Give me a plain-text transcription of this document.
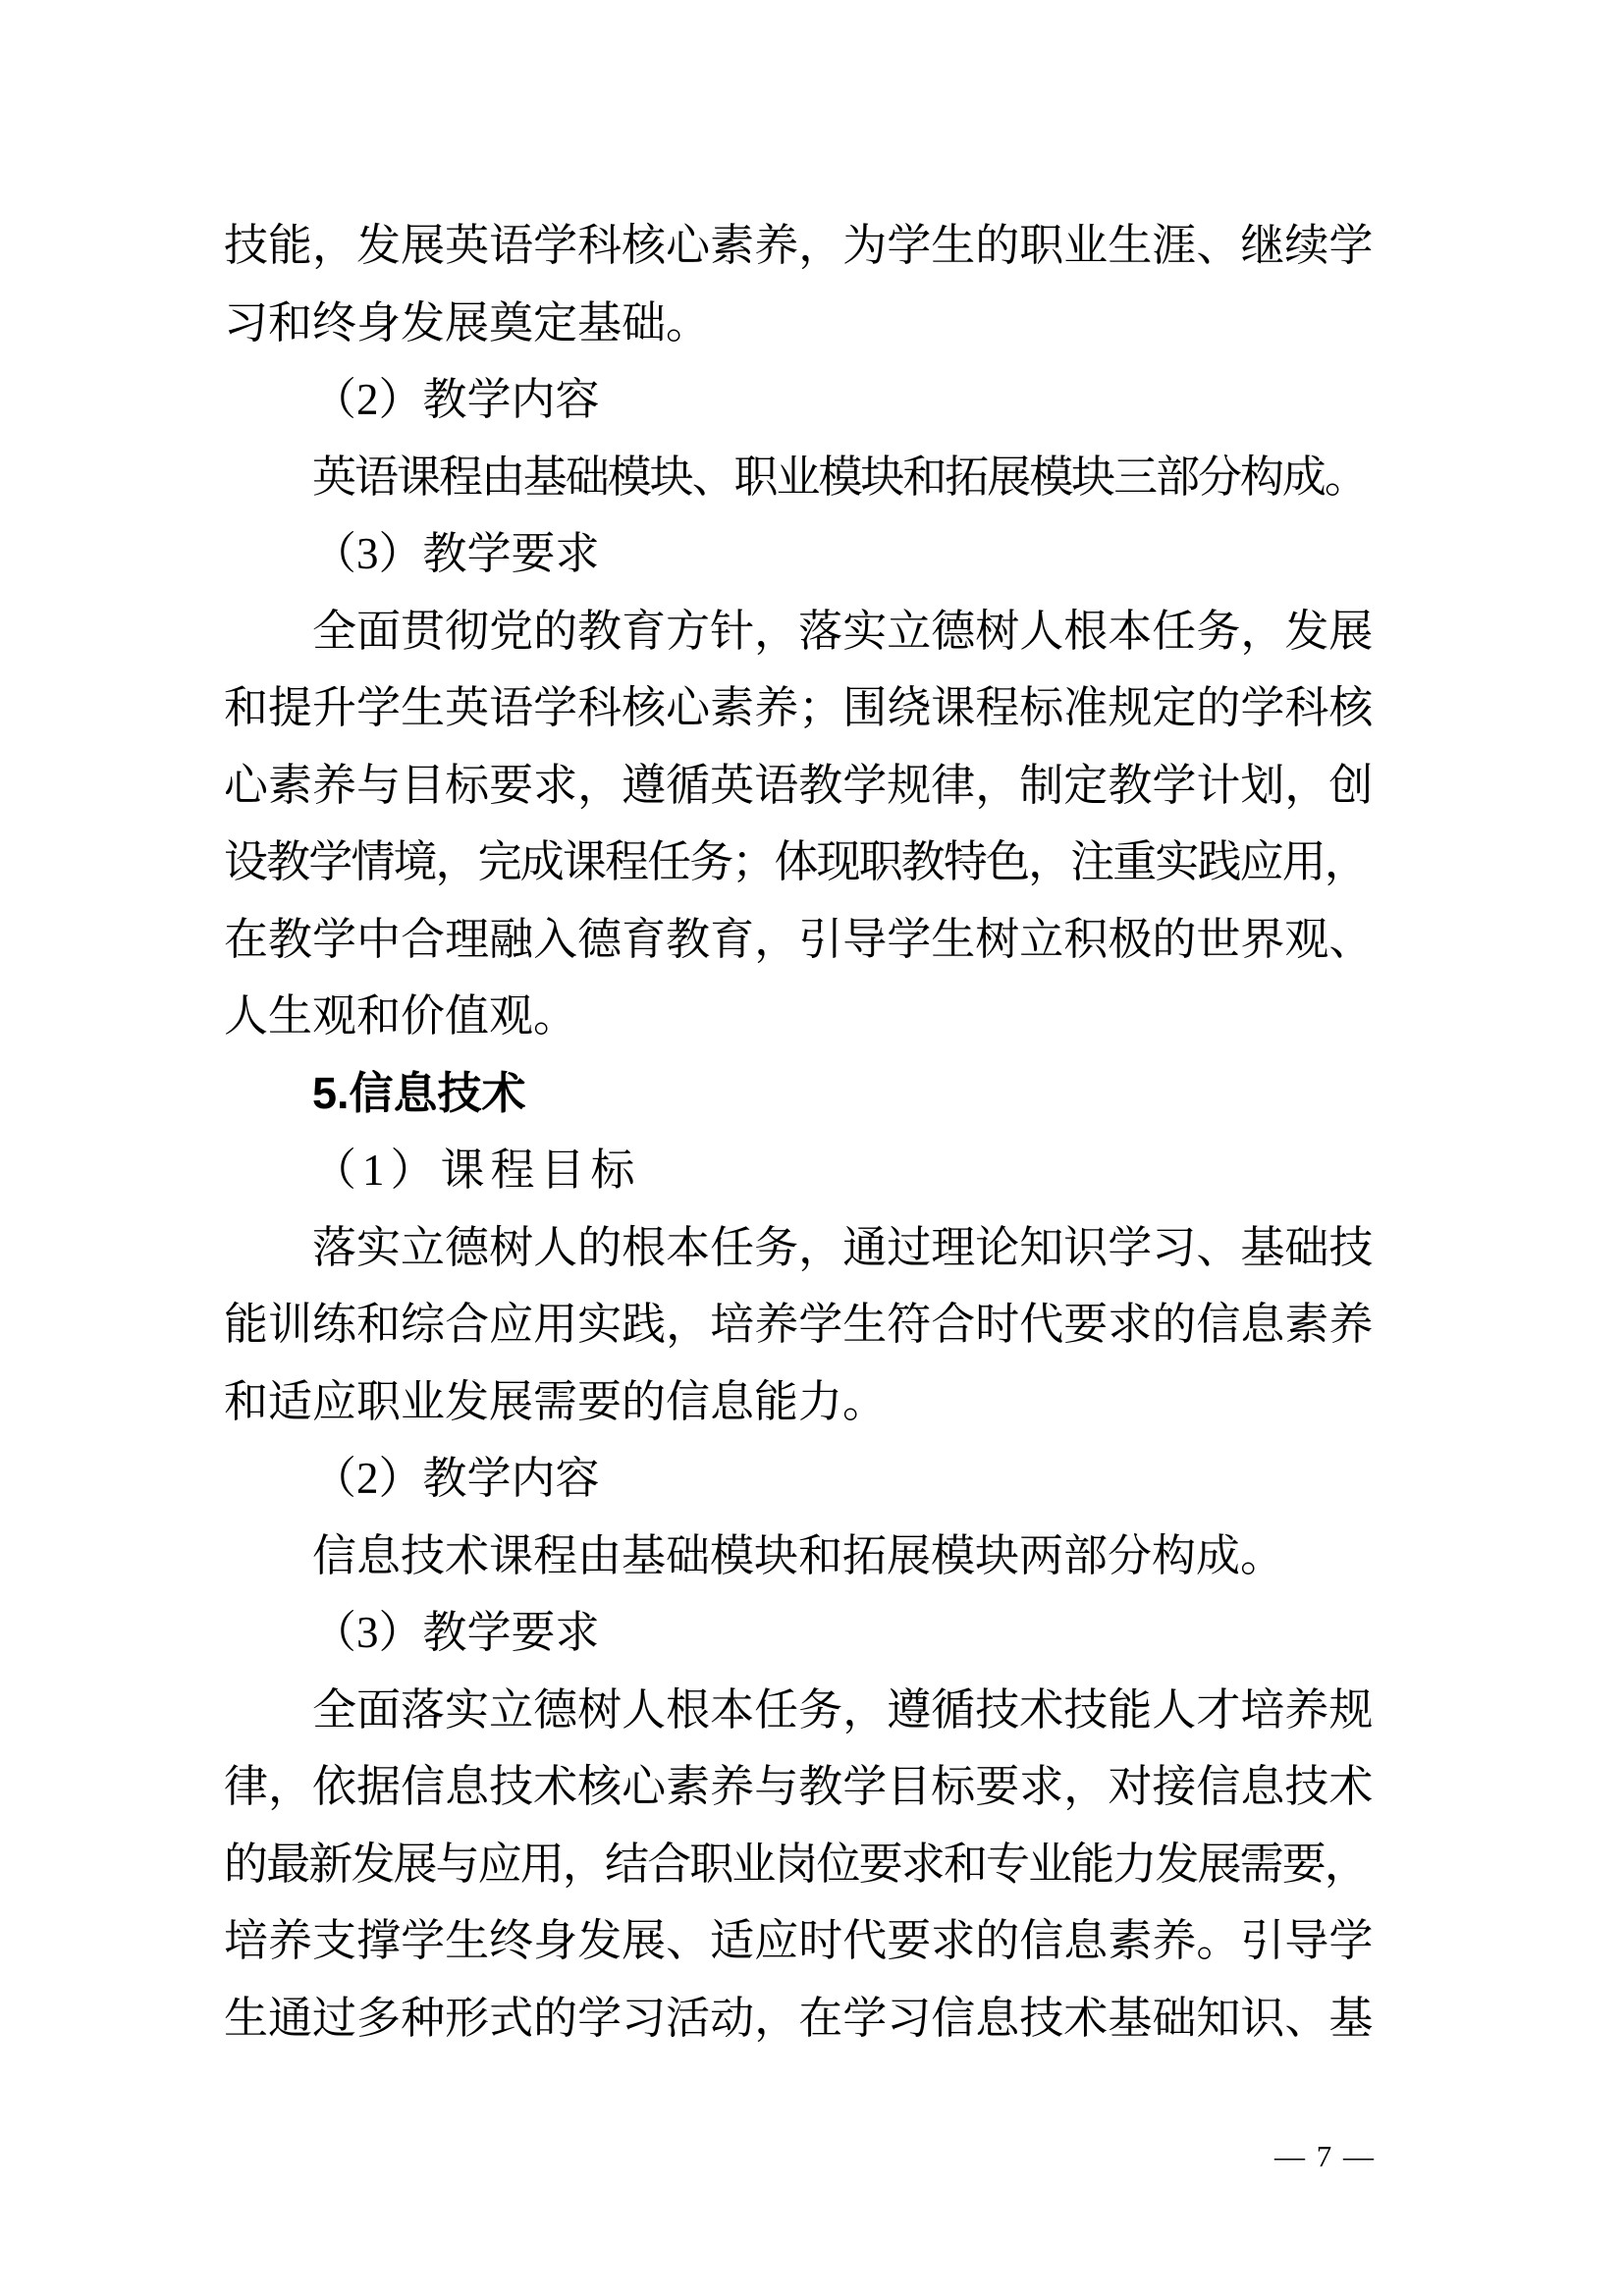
技 能 ， 发 展 英 语 学 科 核 心 素 养 ， 为 学 生 的 职 业 生 涯 、 继 续 学
习和终身发展奠定基础。
（2）教学内容
英 语 课 程 由 基 础 模 块 、 职 业 模 块 和 拓 展 模 块 三 部 分 构 成 。
（3）教学要求
全 面 贯 彻 党 的 教 育 方 针 ， 落 实 立 德 树 人 根 本 任 务 ， 发 展
和 提 升 学 生 英 语 学 科 核 心 素 养 ； 围 绕 课 程 标 准 规 定 的 学 科 核
心 素 养 与 目 标 要 求 ， 遵 循 英 语 教 学 规 律 ， 制 定 教 学 计 划 ， 创
设 教 学 情 境 ， 完 成 课 程 任 务 ； 体 现 职 教 特 色 ， 注 重 实 践 应 用 ，
在 教 学 中 合 理 融 入 德 育 教 育 ， 引 导 学 生 树 立 积 极 的 世 界 观 、
人生观和价值观。
5.信息技术
（1）课程目标
落 实 立 德 树 人 的 根 本 任 务 ， 通 过 理 论 知 识 学 习 、 基 础 技
能 训 练 和 综 合 应 用 实 践 ， 培 养 学 生 符 合 时 代 要 求 的 信 息 素 养
和适应职业发展需要的信息能力。
（2）教学内容
信息技术课程由基础模块和拓展模块两部分构成。
（3）教学要求
全 面 落 实 立 德 树 人 根 本 任 务 ， 遵 循 技 术 技 能 人 才 培 养 规
律 ， 依 据 信 息 技 术 核 心 素 养 与 教 学 目 标 要 求 ， 对 接 信 息 技 术
的 最 新 发 展 与 应 用 ， 结 合 职 业 岗 位 要 求 和 专 业 能 力 发 展 需 要 ，
培 养 支 撑 学 生 终 身 发 展 、 适 应 时 代 要 求 的 信 息 素 养 。 引 导 学
生 通 过 多 种 形 式 的 学 习 活 动 ， 在 学 习 信 息 技 术 基 础 知 识 、 基
— 7 —
